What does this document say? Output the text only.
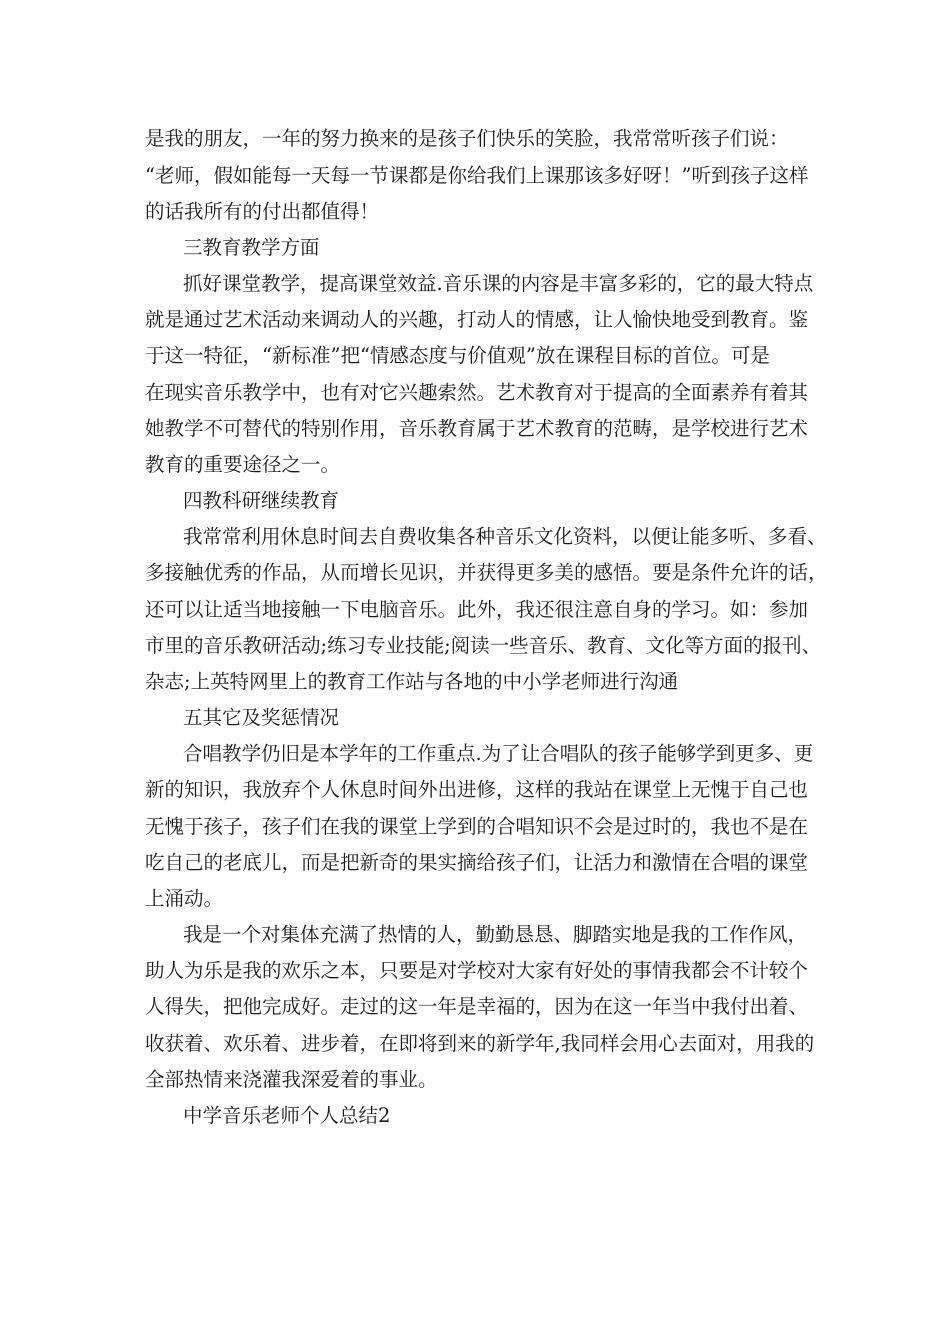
是我的朋友，一年的努力换来的是孩子们快乐的笑脸，我常常听孩子们说：
“老师，假如能每一天每一节课都是你给我们上课那该多好呀！”听到孩子这样
的话我所有的付出都值得！
三教育教学方面
抓好课堂教学，提高课堂效益.音乐课的内容是丰富多彩的，它的最大特点
就是通过艺术活动来调动人的兴趣，打动人的情感，让人愉快地受到教育。鉴
于这一特征，“新标准”把“情感态度与价值观”放在课程目标的首位。可是
在现实音乐教学中，也有对它兴趣索然。艺术教育对于提高的全面素养有着其
她教学不可替代的特别作用，音乐教育属于艺术教育的范畴，是学校进行艺术
教育的重要途径之一。
四教科研继续教育
我常常利用休息时间去自费收集各种音乐文化资料，以便让能多听、多看、
多接触优秀的作品，从而增长见识，并获得更多美的感悟。要是条件允许的话，
还可以让适当地接触一下电脑音乐。此外，我还很注意自身的学习。如：参加
市里的音乐教研活动;练习专业技能;阅读一些音乐、教育、文化等方面的报刊、
杂志;上英特网里上的教育工作站与各地的中小学老师进行沟通
五其它及奖惩情况
合唱教学仍旧是本学年的工作重点.为了让合唱队的孩子能够学到更多、更
新的知识，我放弃个人休息时间外出进修，这样的我站在课堂上无愧于自己也
无愧于孩子，孩子们在我的课堂上学到的合唱知识不会是过时的，我也不是在
吃自己的老底儿，而是把新奇的果实摘给孩子们，让活力和激情在合唱的课堂
上涌动。
我是一个对集体充满了热情的人，勤勤恳恳、脚踏实地是我的工作作风，
助人为乐是我的欢乐之本，只要是对学校对大家有好处的事情我都会不计较个
人得失，把他完成好。走过的这一年是幸福的，因为在这一年当中我付出着、
收获着、欢乐着、进步着，在即将到来的新学年,我同样会用心去面对，用我的
全部热情来浇灌我深爱着的事业。
中学音乐老师个人总结2
